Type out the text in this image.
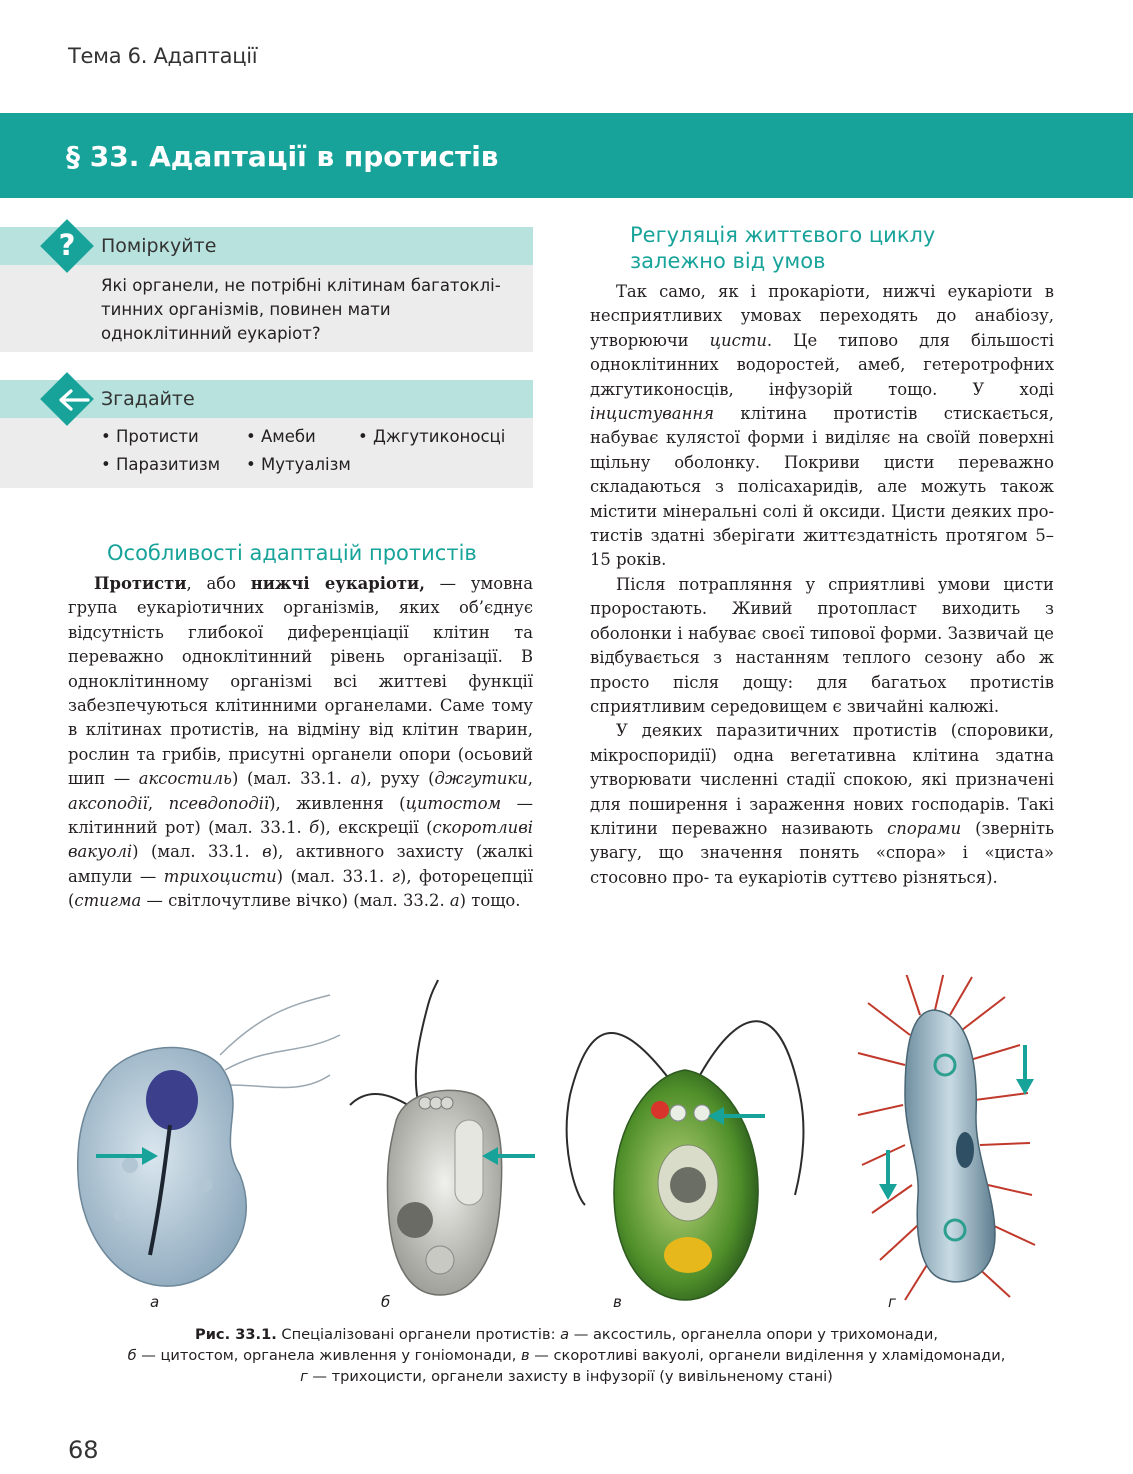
Тема 6. Адаптації
§ 33. Адаптації в протистів
?	Поміркуйте
Які органели, не потрібні клітинам багатоклітинних організмів, повинен мати одноклітинний еукаріот?
Згадайте
• Протисти	• Амеби	• Джгутиконосці
• Паразитизм • Мутуалізм
Особливості адаптацій протистів

Протисти, або нижчі еукаріоти, — умовна група еукаріотичних організмів, яких об’єднує відсутність глибокої диференціації клітин та переважно одноклітинний рівень організації. В одноклітинному організмі всі життеві функції забезпечуються клітинними органелами. Саме тому в клітинах протистів, на відміну від клітин тварин, рослин та грибів, присутні органели опори (осьовий шип — аксостиль) (мал. 33.1. а), руху (джгутики, аксоподії, псевдоподії), живлення (цитостом — клітинний рот) (мал. 33.1. б), екскреції (скоротливі вакуолі) (мал. 33.1. в), активного захисту (жалкі ампули — трихоцисти) (мал. 33.1. г), фоторецепції (стигма — світлочутливе вічко) (мал. 33.2. а) тощо.

Регуляція життєвого циклу залежно від умов

Так само, як і прокаріоти, нижчі еукаріоти в несприятливих умовах переходять до анабіозу, утворюючи цисти. Це типово для більшості одноклітинних водоростей, амеб, гетеротрофних джгутиконосців, інфузорій тощо. У ході інцистування клітина протистів стискається, набуває кулястої форми і виділяє на своїй поверхні щільну оболонку. Покриви цисти переважно складаються з полісахаридів, але можуть також містити мінеральні солі й оксиди. Цисти деяких протистів здатні зберігати життєздатність протягом 5–15 років.

Після потрапляння у сприятливі умови цисти проростають. Живий протопласт виходить з оболонки і набуває своєї типової форми. Зазвичай це відбувається з настанням теплого сезону або ж просто після дощу: для багатьох протистів сприятливим середовищем є звичайні калюжі.

У деяких паразитичних протистів (споровики, мікроспоридії) одна вегетативна клітина здатна утворювати численні стадії спокою, які призначені для поширення і зараження нових господарів. Такі клітини переважно називають спорами (зверніть увагу, що значення понять «спора» і «циста» стосовно про- та еукаріотів суттєво різняться).

а	б	в	г
Рис. 33.1. Спеціалізовані органели протистів: а — аксостиль, органелла опори у трихомонади,
б — цитостом, органела живлення у гоніомонади, в — скоротливі вакуолі, органели виділення у хламідомонади,
г — трихоцисти, органели захисту в інфузорії (у вивільненому стані)
68
